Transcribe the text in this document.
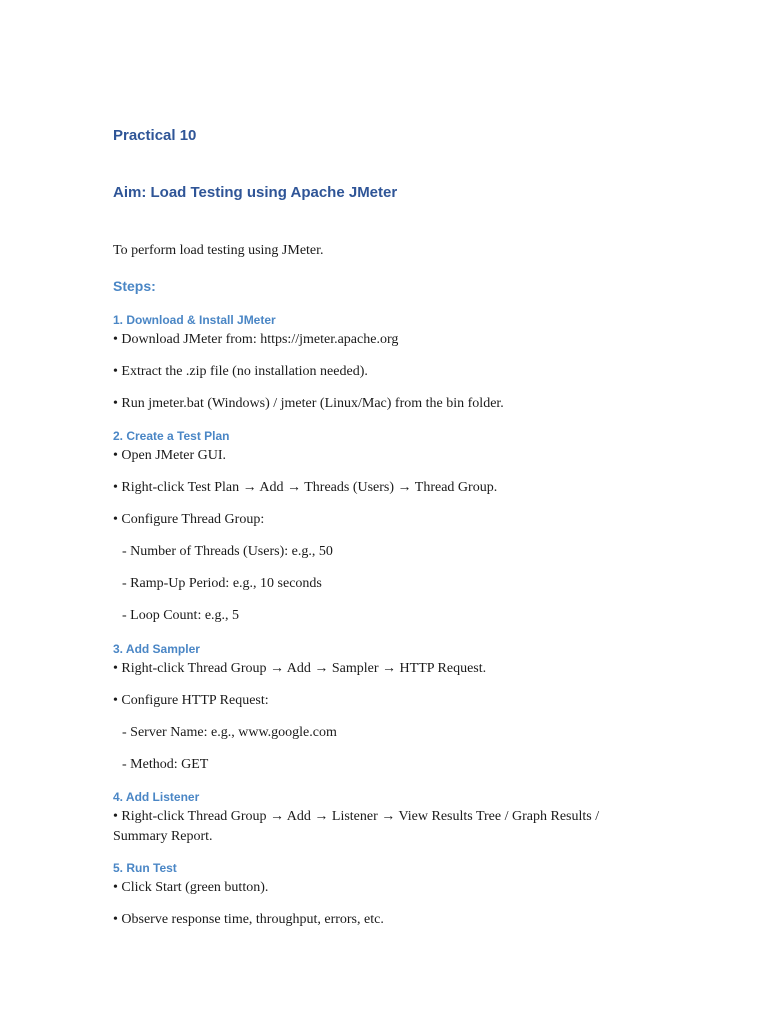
Practical 10
Aim: Load Testing using Apache JMeter
To perform load testing using JMeter.
Steps:
1. Download & Install JMeter
• Download JMeter from: https://jmeter.apache.org
• Extract the .zip file (no installation needed).
• Run jmeter.bat (Windows) / jmeter (Linux/Mac) from the bin folder.
2. Create a Test Plan
• Open JMeter GUI.
• Right-click Test Plan → Add → Threads (Users) → Thread Group.
• Configure Thread Group:
- Number of Threads (Users): e.g., 50
- Ramp-Up Period: e.g., 10 seconds
- Loop Count: e.g., 5
3. Add Sampler
• Right-click Thread Group → Add → Sampler → HTTP Request.
• Configure HTTP Request:
- Server Name: e.g., www.google.com
- Method: GET
4. Add Listener
• Right-click Thread Group → Add → Listener → View Results Tree / Graph Results /
Summary Report.
5. Run Test
• Click Start (green button).
• Observe response time, throughput, errors, etc.
